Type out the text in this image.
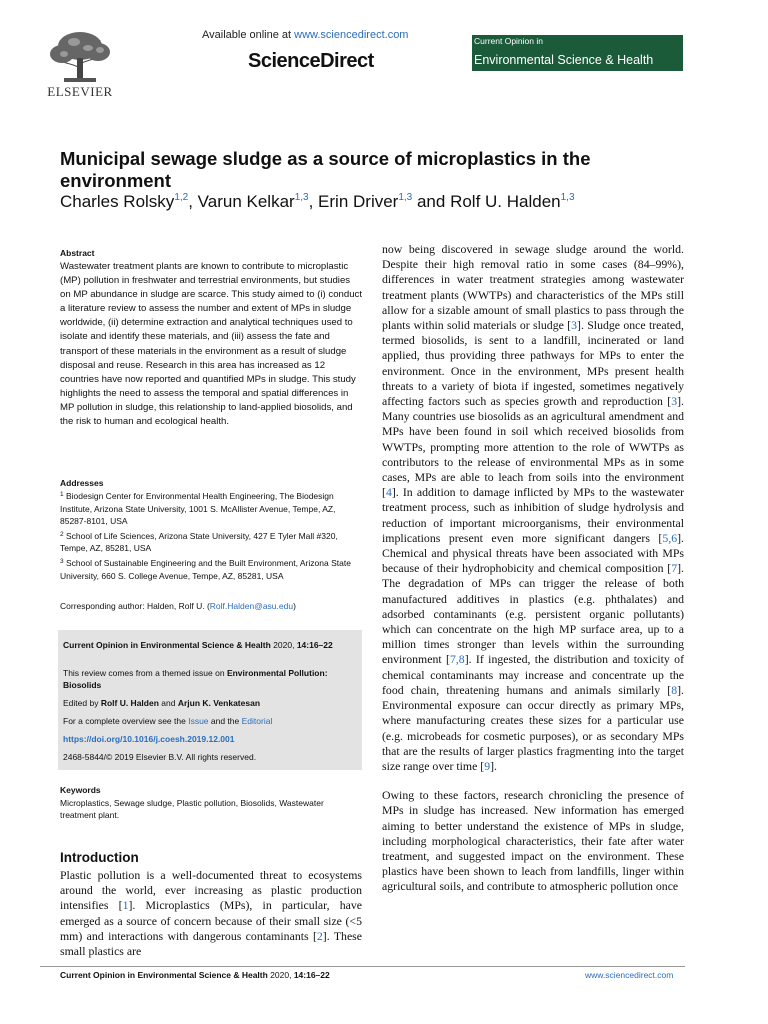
ELSEVIER
Available online at www.sciencedirect.com
ScienceDirect
Current Opinion in
Environmental Science & Health
Municipal sewage sludge as a source of microplastics in the environment
Charles Rolsky$^{1,2}$, Varun Kelkar$^{1,3}$, Erin Driver$^{1,3}$ and Rolf U. Halden$^{1,3}$
Abstract
Wastewater treatment plants are known to contribute to microplastic (MP) pollution in freshwater and terrestrial environments, but studies on MP abundance in sludge are scarce. This study aimed to (i) conduct a literature review to assess the number and extent of MPs in sludge worldwide, (ii) determine extraction and analytical techniques used to isolate and identify these materials, and (iii) assess the fate and transport of these materials in the environment as a result of sludge disposal and reuse. Research in this area has increased as 12 countries have now reported and quantified MPs in sludge. This study highlights the need to assess the temporal and spatial differences in MP pollution in sludge, this relationship to land-applied biosolids, and the risk to human and ecological health.
Addresses
$^1$ Biodesign Center for Environmental Health Engineering, The Biodesign Institute, Arizona State University, 1001 S. McAllister Avenue, Tempe, AZ, 85287-8101, USA
$^2$ School of Life Sciences, Arizona State University, 427 E Tyler Mall #320, Tempe, AZ, 85281, USA
$^3$ School of Sustainable Engineering and the Built Environment, Arizona State University, 660 S. College Avenue, Tempe, AZ, 85281, USA
Corresponding author: Halden, Rolf U. (Rolf.Halden@asu.edu)
Current Opinion in Environmental Science & Health 2020, 14:16–22
This review comes from a themed issue on Environmental Pollution: Biosolids
Edited by Rolf U. Halden and Arjun K. Venkatesan
For a complete overview see the Issue and the Editorial
https://doi.org/10.1016/j.coesh.2019.12.001
2468-5844/© 2019 Elsevier B.V. All rights reserved.
Keywords
Microplastics, Sewage sludge, Plastic pollution, Biosolids, Wastewater treatment plant.
Introduction
Plastic pollution is a well-documented threat to ecosystems around the world, ever increasing as plastic production intensifies [1]. Microplastics (MPs), in particular, have emerged as a source of concern because of their small size (<5 mm) and interactions with dangerous contaminants [2]. These small plastics are

now being discovered in sewage sludge around the world. Despite their high removal ratio in some cases (84–99%), differences in water treatment strategies among wastewater treatment plants (WWTPs) and characteristics of the MPs still allow for a sizable amount of small plastics to pass through the plants within solid materials or sludge [3]. Sludge once treated, termed biosolids, is sent to a landfill, incinerated or land applied, thus providing three pathways for MPs to enter the environment. Once in the environment, MPs present health threats to a variety of biota if ingested, sometimes negatively affecting factors such as species growth and reproduction [3]. Many countries use biosolids as an agricultural amendment and MPs have been found in soil which received biosolids from WWTPs, prompting more attention to the role of WWTPs as contributors to the release of environmental MPs as in some cases, MPs are able to leach from soils into the environment [4]. In addition to damage inflicted by MPs to the wastewater treatment process, such as inhibition of sludge hydrolysis and reduction of important microorganisms, their environmental implications present even more significant dangers [5,6]. Chemical and physical threats have been associated with MPs because of their hydrophobicity and chemical composition [7]. The degradation of MPs can trigger the release of both manufactured additives in plastics (e.g. phthalates) and adsorbed contaminants (e.g. persistent organic pollutants) which can concentrate on the high MP surface area, up to a million times stronger than levels within the surrounding environment [7,8]. If ingested, the distribution and toxicity of chemical contaminants may increase and concentrate up the food chain, threatening humans and animals similarly [8]. Environmental exposure can occur directly as primary MPs, where manufacturing creates these sizes for a particular use (e.g. microbeads for cosmetic purposes), or as secondary MPs that are the results of larger plastics fragmenting into the target size range over time [9].

Owing to these factors, research chronicling the presence of MPs in sludge has increased. New information has emerged aiming to better understand the existence of MPs in sludge, including morphological characteristics, their fate after water treatment, and suggested impact on the environment. These plastics have been shown to leach from landfills, linger within agricultural soils, and contribute to atmospheric pollution once

Current Opinion in Environmental Science & Health 2020, 14:16–22	www.sciencedirect.com
